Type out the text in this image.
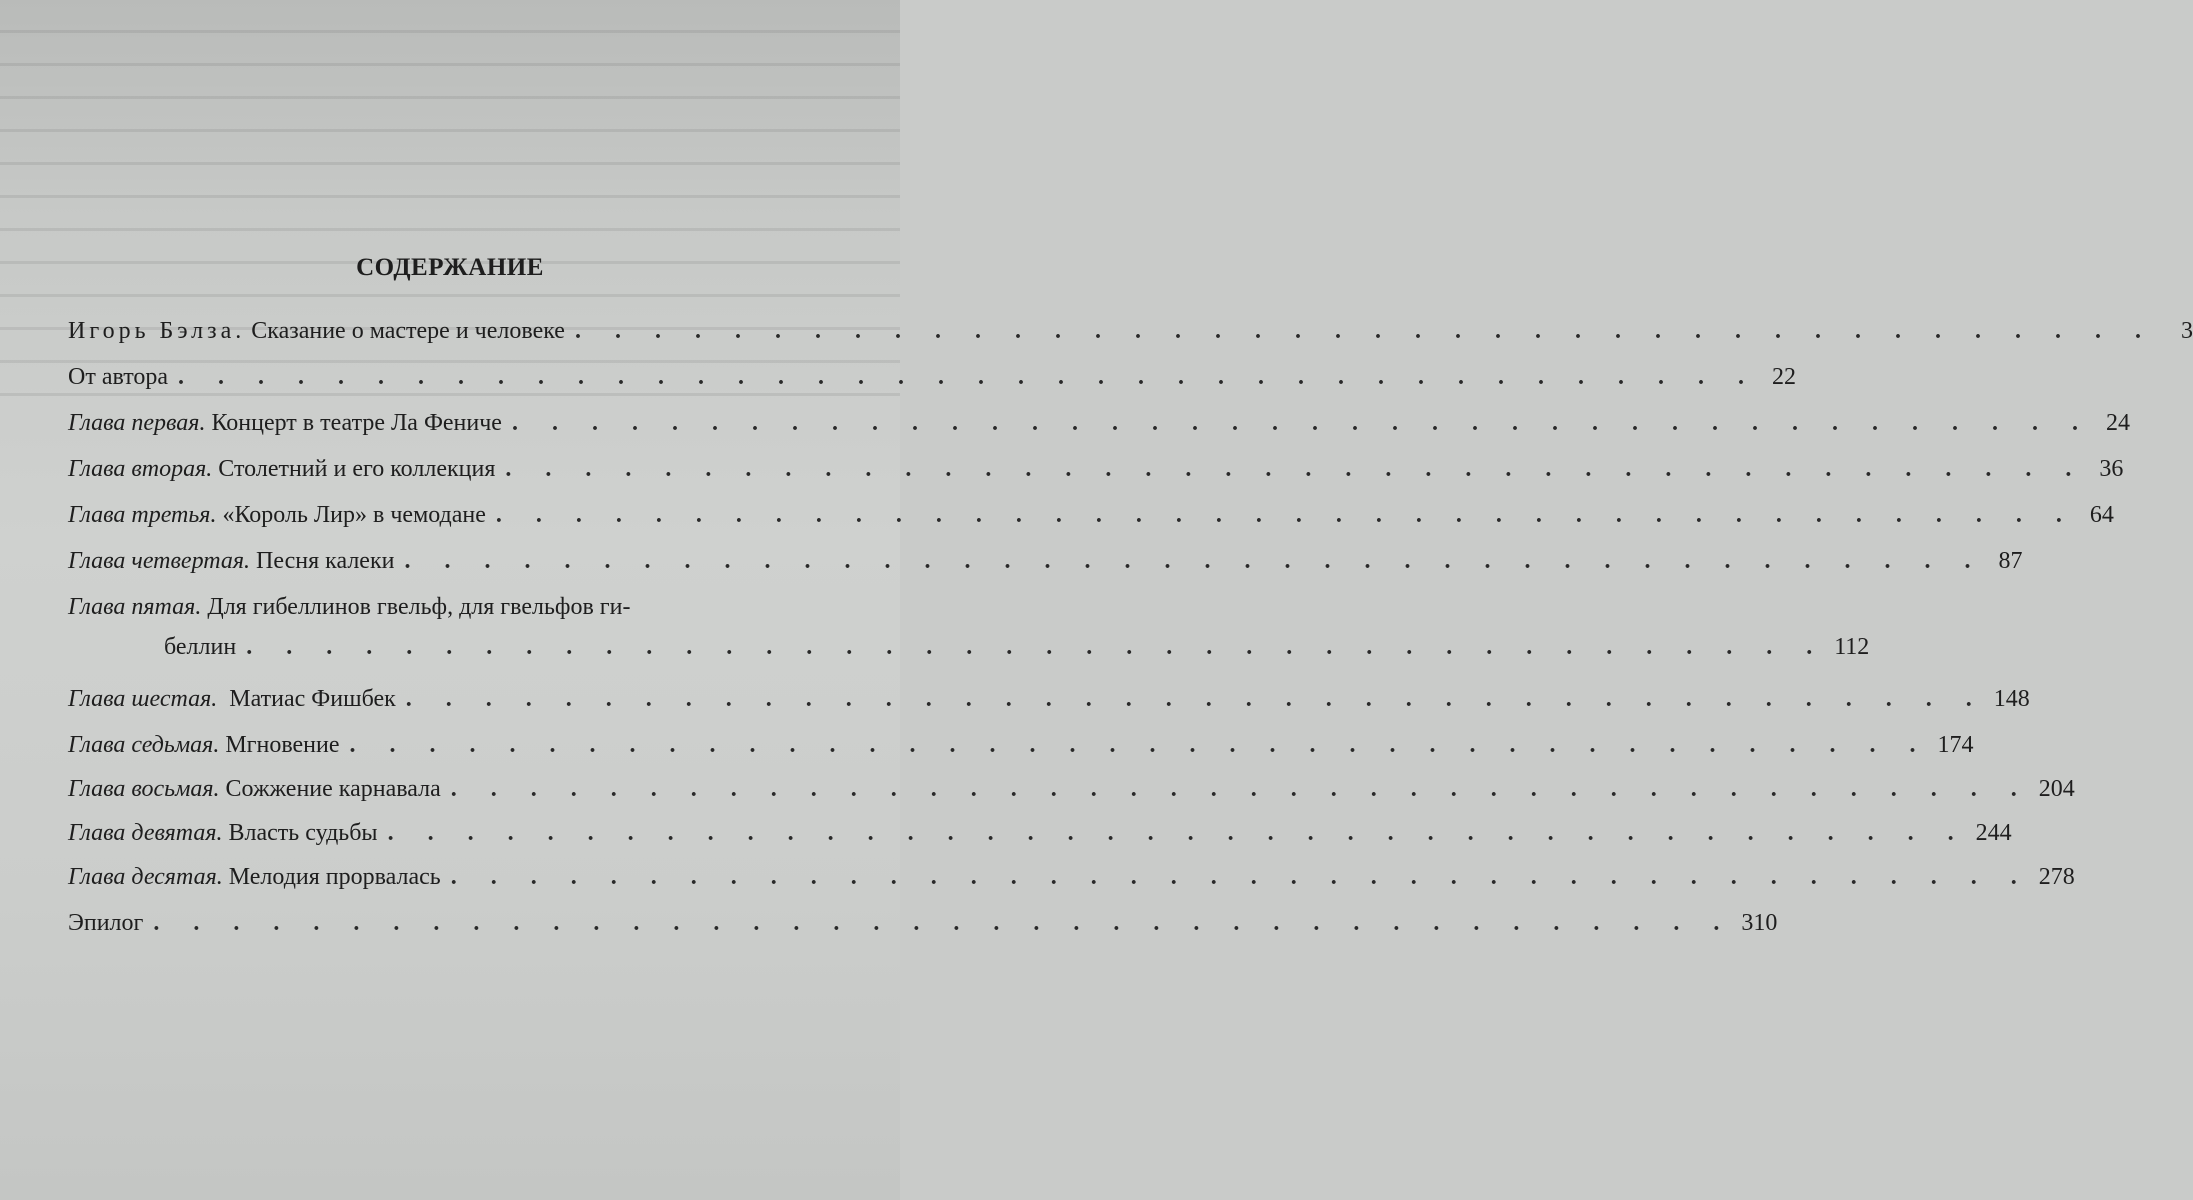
СОДЕРЖАНИЕ
Игорь Бэлза. Сказание о мастере и человеке . . . . . . . . . . . . . . . . . . . . . . . . . . . . . . . . . . . . . . . .	3
От автора . . . . . . . . . . . . . . . . . . . . . . . . . . . . . . . . . . . . . . . . 22
Глава первая. Концерт в театре Ла Фениче . . . . . . . . . . . . . . . . . . . . . . . . . . . . . . . . . . . . . . . . 24
Глава вторая. Столетний и его коллекция . . . . . . . . . . . . . . . . . . . . . . . . . . . . . . . . . . . . . . . . 36
Глава третья. «Король Лир» в чемодане . . . . . . . . . . . . . . . . . . . . . . . . . . . . . . . . . . . . . . . . 64
Глава четвертая. Песня калеки . . . . . . . . . . . . . . . . . . . . . . . . . . . . . . . . . . . . . . . . 87
Глава пятая. Для гибеллинов гвельф, для гвельфов ги-
беллин . . . . . . . . . . . . . . . . . . . . . . . . . . . . . . . . . . . . . . . . 112
Глава шестая.  Матиас Фишбек . . . . . . . . . . . . . . . . . . . . . . . . . . . . . . . . . . . . . . . . 148
Глава седьмая. Мгновение . . . . . . . . . . . . . . . . . . . . . . . . . . . . . . . . . . . . . . . . 174
Глава восьмая. Сожжение карнавала . . . . . . . . . . . . . . . . . . . . . . . . . . . . . . . . . . . . . . . . 204
Глава девятая. Власть судьбы . . . . . . . . . . . . . . . . . . . . . . . . . . . . . . . . . . . . . . . . 244
Глава десятая. Мелодия прорвалась . . . . . . . . . . . . . . . . . . . . . . . . . . . . . . . . . . . . . . . . 278
Эпилог . . . . . . . . . . . . . . . . . . . . . . . . . . . . . . . . . . . . . . . . 310
